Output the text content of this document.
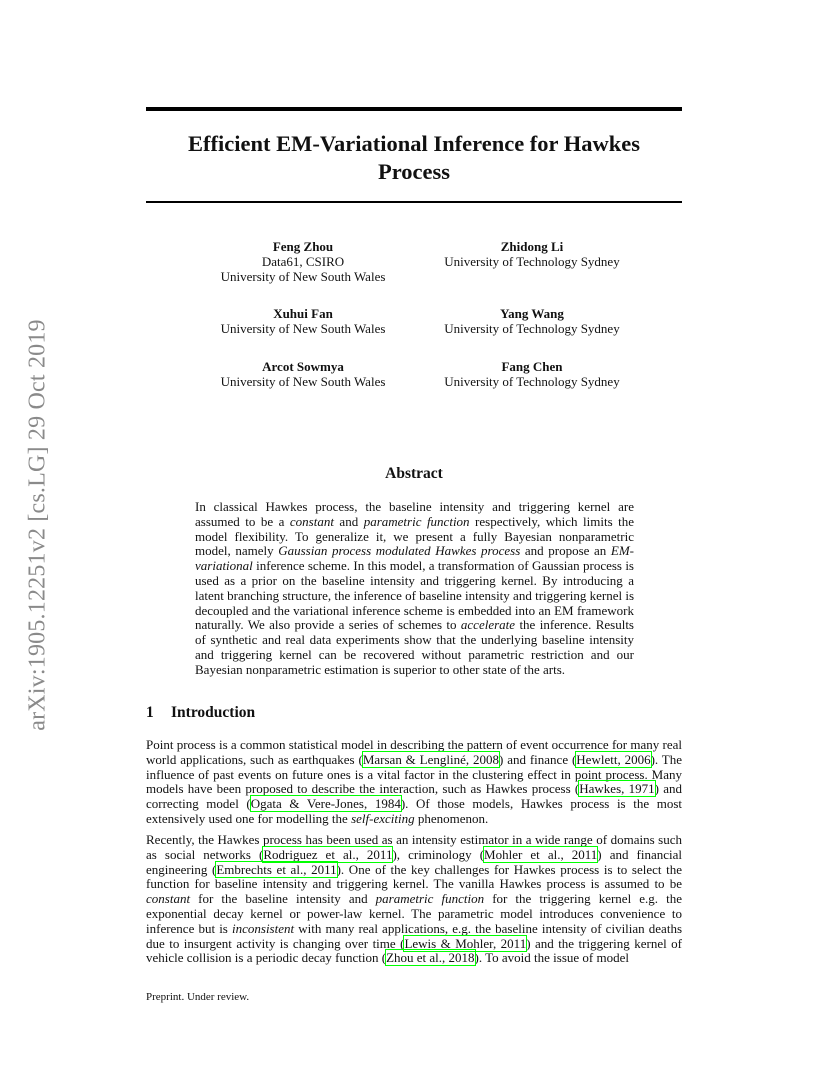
arXiv:1905.12251v2 [cs.LG] 29 Oct 2019
Efficient EM-Variational Inference for Hawkes
Process
Feng Zhou
Data61, CSIRO
University of New South Wales
Zhidong Li
University of Technology Sydney
Xuhui Fan
University of New South Wales
Yang Wang
University of Technology Sydney
Arcot Sowmya
University of New South Wales
Fang Chen
University of Technology Sydney
Abstract

In classical Hawkes process, the baseline intensity and triggering kernel are assumed to be a constant and parametric function respectively, which limits the model flexibility. To generalize it, we present a fully Bayesian nonparametric model, namely Gaussian process modulated Hawkes process and propose an EM-variational inference scheme. In this model, a transformation of Gaussian process is used as a prior on the baseline intensity and triggering kernel. By introducing a latent branching structure, the inference of baseline intensity and triggering kernel is decoupled and the variational inference scheme is embedded into an EM framework naturally. We also provide a series of schemes to accelerate the inference. Results of synthetic and real data experiments show that the underlying baseline intensity and triggering kernel can be recovered without parametric restriction and our Bayesian nonparametric estimation is superior to other state of the arts.

1 Introduction

Point process is a common statistical model in describing the pattern of event occurrence for many real world applications, such as earthquakes (Marsan & Lengliné, 2008) and finance (Hewlett, 2006). The influence of past events on future ones is a vital factor in the clustering effect in point process. Many models have been proposed to describe the interaction, such as Hawkes process (Hawkes, 1971) and correcting model (Ogata & Vere-Jones, 1984). Of those models, Hawkes process is the most extensively used one for modelling the self-exciting phenomenon.

Recently, the Hawkes process has been used as an intensity estimator in a wide range of domains such as social networks (Rodriguez et al., 2011), criminology (Mohler et al., 2011) and financial engineering (Embrechts et al., 2011). One of the key challenges for Hawkes process is to select the function for baseline intensity and triggering kernel. The vanilla Hawkes process is assumed to be constant for the baseline intensity and parametric function for the triggering kernel e.g. the exponential decay kernel or power-law kernel. The parametric model introduces convenience to inference but is inconsistent with many real applications, e.g. the baseline intensity of civilian deaths due to insurgent activity is changing over time (Lewis & Mohler, 2011) and the triggering kernel of vehicle collision is a periodic decay function (Zhou et al., 2018). To avoid the issue of model

Preprint. Under review.
